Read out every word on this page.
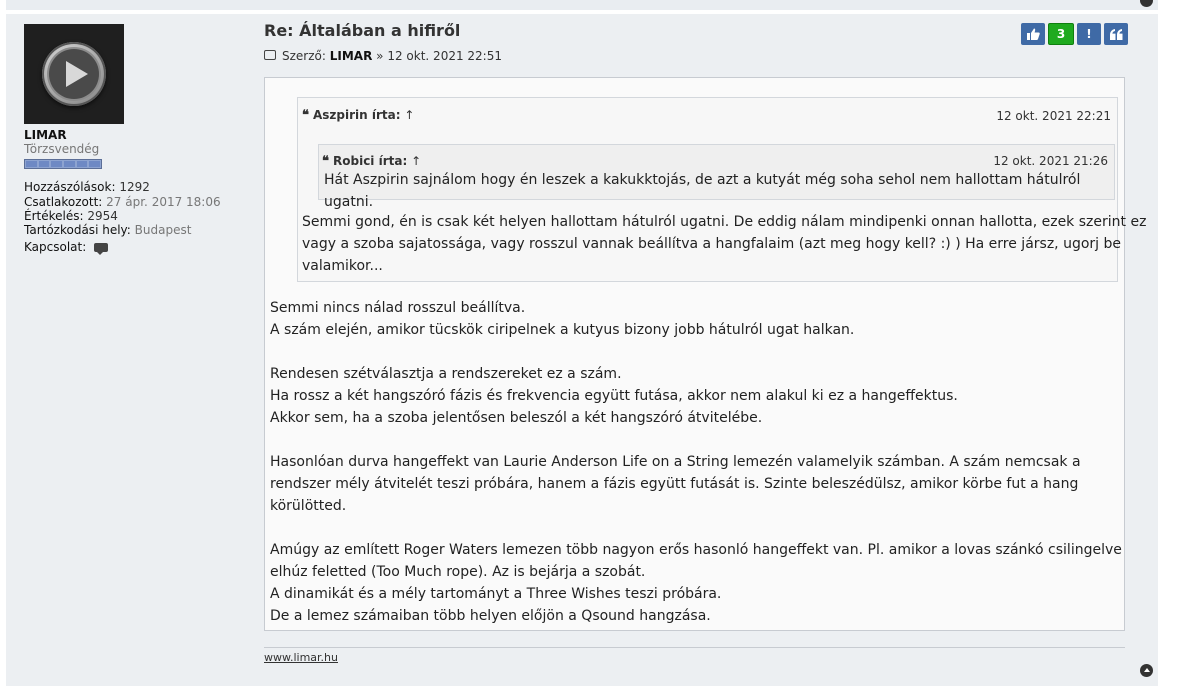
LIMAR
Törzsvendég
Hozzászólások: 1292
Csatlakozott: 27 ápr. 2017 18:06
Értékelés: 2954
Tartózkodási hely: Budapest
Kapcsolat:
Re: Általában a hifiről
Szerző: LIMAR » 12 okt. 2021 22:51
3	!
❝ Aszpirin írta: ↑	12 okt. 2021 22:21
❝ Robici írta: ↑	12 okt. 2021 21:26
Hát Aszpirin sajnálom hogy én leszek a kakukktojás, de azt a kutyát még soha sehol nem hallottam hátulról ugatni.
Semmi gond, én is csak két helyen hallottam hátulról ugatni. De eddig nálam mindipenki onnan hallotta, ezek szerint ez
vagy a szoba sajatossága, vagy rosszul vannak beállítva a hangfalaim (azt meg hogy kell? :) ) Ha erre jársz, ugorj be
valamikor...

Semmi nincs nálad rosszul beállítva.
A szám elején, amikor tücskök ciripelnek a kutyus bizony jobb hátulról ugat halkan.

Rendesen szétválasztja a rendszereket ez a szám.
Ha rossz a két hangszóró fázis és frekvencia együtt futása, akkor nem alakul ki ez a hangeffektus.
Akkor sem, ha a szoba jelentősen beleszól a két hangszóró átvitelébe.

Hasonlóan durva hangeffekt van Laurie Anderson Life on a String lemezén valamelyik számban. A szám nemcsak a
rendszer mély átvitelét teszi próbára, hanem a fázis együtt futását is. Szinte beleszédülsz, amikor körbe fut a hang
körülötted.

Amúgy az említett Roger Waters lemezen több nagyon erős hasonló hangeffekt van. Pl. amikor a lovas szánkó csilingelve
elhúz feletted (Too Much rope). Az is bejárja a szobát.
A dinamikát és a mély tartományt a Three Wishes teszi próbára.
De a lemez számaiban több helyen előjön a Qsound hangzása.

www.limar.hu
